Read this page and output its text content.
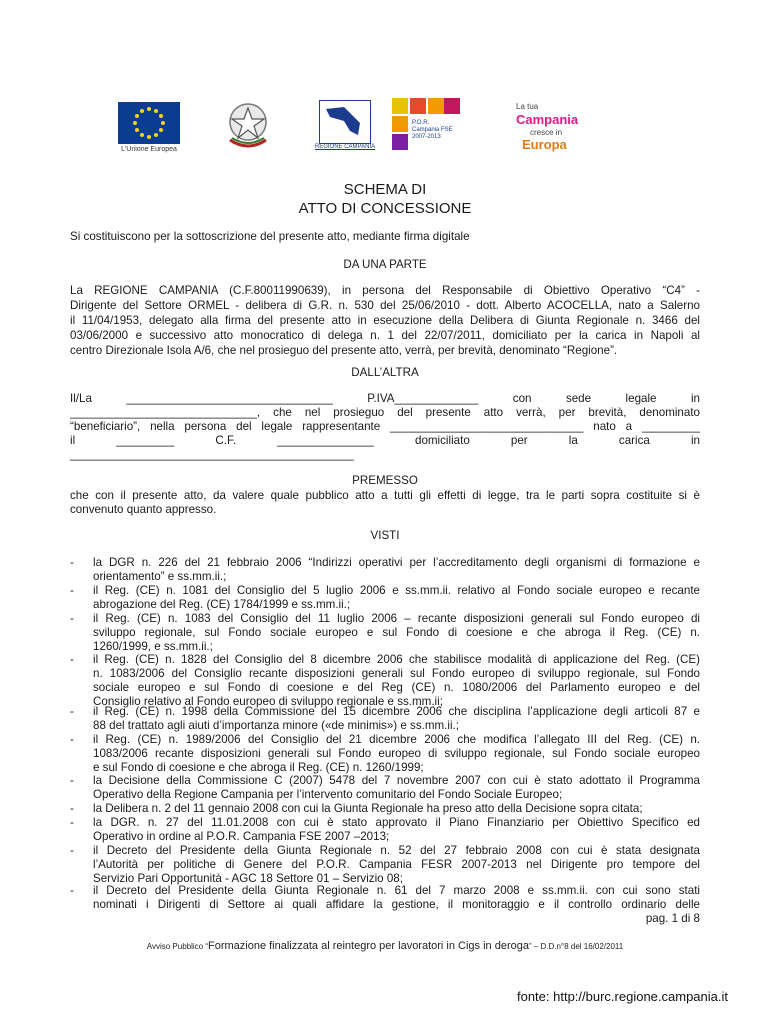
L'Unione Europea	REGIONE CAMPANIA
P.O.R. Campania FSE 2007-2013
La tua
Campania
cresce in
Europa
SCHEMA DI
ATTO DI CONCESSIONE
Si costituiscono per la sottoscrizione del presente atto, mediante firma digitale
DA UNA PARTE
La REGIONE CAMPANIA (C.F.80011990639), in persona del Responsabile di Obiettivo Operativo “C4” -
Dirigente del Settore ORMEL - delibera di G.R. n. 530 del 25/06/2010 - dott. Alberto ACOCELLA, nato a Salerno
il 11/04/1953, delegato alla firma del presente atto in esecuzione della Delibera di Giunta Regionale n. 3466 del
03/06/2000 e successivo atto monocratico di delega n. 1 del 22/07/2011, domiciliato per la carica in Napoli al
centro Direzionale Isola A/6, che nel prosieguo del presente atto, verrà, per brevità, denominato “Regione”.
DALL’ALTRA
Il/La ________________________________ P.IVA_____________ con sede legale in
_____________________________, che nel prosieguo del presente atto verrà, per brevità, denominato
“beneficiario”, nella persona del legale rappresentante ______________________________ nato a _________
il _________ C.F. _______________ domiciliato per la carica in
____________________________________________
PREMESSO
che con il presente atto, da valere quale pubblico atto a tutti gli effetti di legge, tra le parti sopra costituite si è
convenuto quanto appresso.
VISTI
- la DGR n. 226 del 21 febbraio 2006 “Indirizzi operativi per l’accreditamento degli organismi di formazione e
orientamento” e ss.mm.ii.;
- il Reg. (CE) n. 1081 del Consiglio del 5 luglio 2006 e ss.mm.ii. relativo al Fondo sociale europeo e recante
abrogazione del Reg. (CE) 1784/1999 e ss.mm.ii.;
- il Reg. (CE) n. 1083 del Consiglio del 11 luglio 2006 – recante disposizioni generali sul Fondo europeo di
sviluppo regionale, sul Fondo sociale europeo e sul Fondo di coesione e che abroga il Reg. (CE) n.
1260/1999, e ss.mm.ii.;
- il Reg. (CE) n. 1828 del Consiglio del 8 dicembre 2006 che stabilisce modalità di applicazione del Reg. (CE)
n. 1083/2006 del Consiglio recante disposizioni generali sul Fondo europeo di sviluppo regionale, sul Fondo
sociale europeo e sul Fondo di coesione e del Reg (CE) n. 1080/2006 del Parlamento europeo e del
Consiglio relativo al Fondo europeo di sviluppo regionale e ss.mm.ii;
- il Reg. (CE) n. 1998 della Commissione del 15 dicembre 2006 che disciplina l’applicazione degli articoli 87 e
88 del trattato agli aiuti d’importanza minore («de minimis») e ss.mm.ii.;
- il Reg. (CE) n. 1989/2006 del Consiglio del 21 dicembre 2006 che modifica l’allegato III del Reg. (CE) n.
1083/2006 recante disposizioni generali sul Fondo europeo di sviluppo regionale, sul Fondo sociale europeo
e sul Fondo di coesione e che abroga il Reg. (CE) n. 1260/1999;
- la Decisione della Commissione C (2007) 5478 del 7 novembre 2007 con cui è stato adottato il Programma
Operativo della Regione Campania per l’intervento comunitario del Fondo Sociale Europeo;
- la Delibera n. 2 del 11 gennaio 2008 con cui la Giunta Regionale ha preso atto della Decisione sopra citata;
- la DGR. n. 27 del 11.01.2008 con cui è stato approvato il Piano Finanziario per Obiettivo Specifico ed
Operativo in ordine al P.O.R. Campania FSE 2007 –2013;
- il Decreto del Presidente della Giunta Regionale n. 52 del 27 febbraio 2008 con cui è stata designata
l’Autorità per politiche di Genere del P.O.R. Campania FESR 2007-2013 nel Dirigente pro tempore del
Servizio Pari Opportunità - AGC 18 Settore 01 – Servizio 08;
- il Decreto del Presidente della Giunta Regionale n. 61 del 7 marzo 2008 e ss.mm.ii. con cui sono stati
nominati i Dirigenti di Settore ai quali affidare la gestione, il monitoraggio e il controllo ordinario delle
pag. 1 di 8
Avviso Pubblico “Formazione finalizzata al reintegro per lavoratori in Cigs in deroga” – D.D.n°8 del 16/02/2011
fonte: http://burc.regione.campania.it
